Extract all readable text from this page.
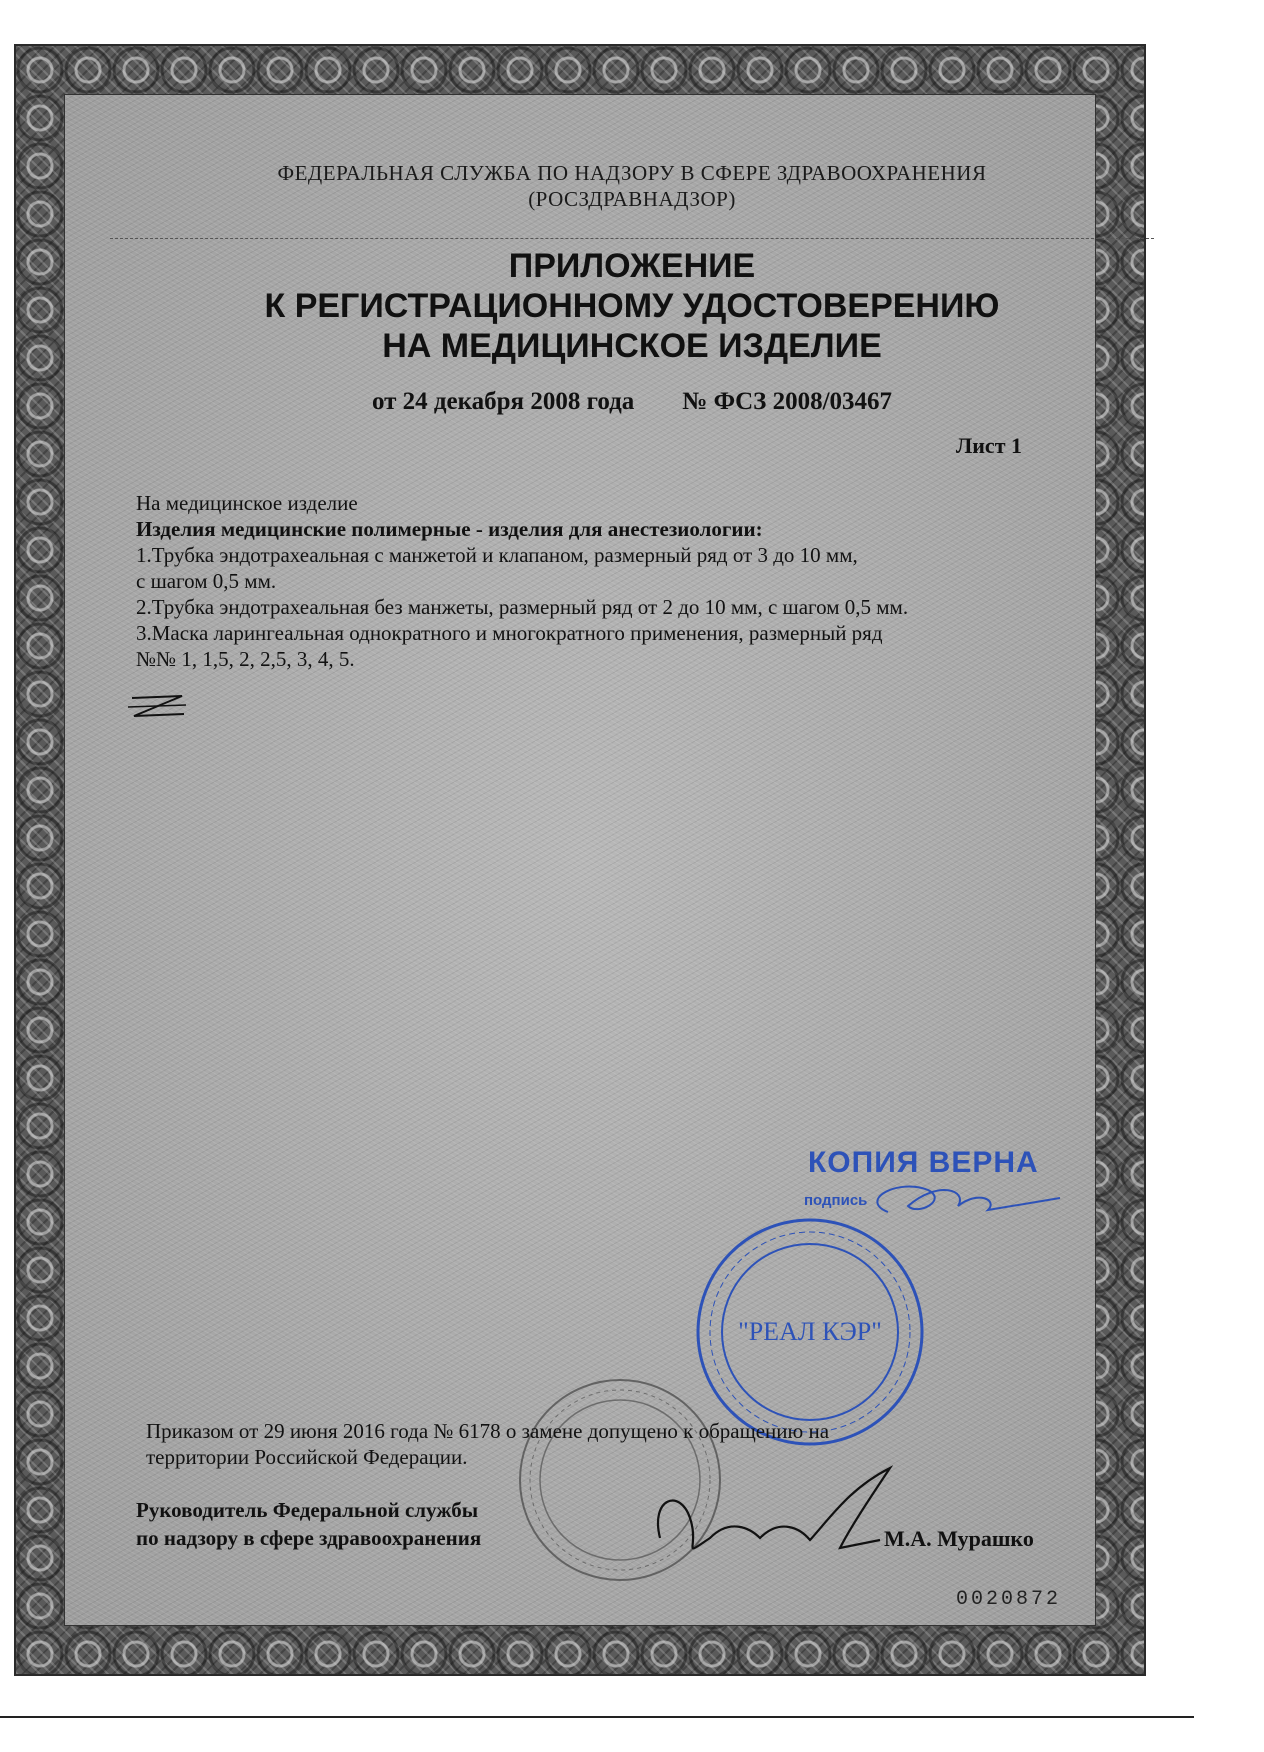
ФЕДЕРАЛЬНАЯ СЛУЖБА ПО НАДЗОРУ В СФЕРЕ ЗДРАВООХРАНЕНИЯ
(РОСЗДРАВНАДЗОР)
ПРИЛОЖЕНИЕ
К РЕГИСТРАЦИОННОМУ УДОСТОВЕРЕНИЮ
НА МЕДИЦИНСКОЕ ИЗДЕЛИЕ
от 24 декабря 2008 года № ФСЗ 2008/03467
Лист 1

На медицинское изделие

Изделия медицинские полимерные - изделия для анестезиологии:

1.Трубка эндотрахеальная с манжетой и клапаном, размерный ряд от 3 до 10 мм,

с шагом 0,5 мм.

2.Трубка эндотрахеальная без манжеты, размерный ряд от 2 до 10 мм, с шагом 0,5 мм.

3.Маска ларингеальная однократного и многократного применения, размерный ряд

№№ 1, 1,5, 2, 2,5, 3, 4, 5.

КОПИЯ ВЕРНА
подпись
"РЕАЛ КЭР"
Приказом от 29 июня 2016 года № 6178 о замене допущено к обращению на
территории Российской Федерации.

Руководитель Федеральной службы

по надзору в сфере здравоохранения	М.А. Мурашко
0020872
